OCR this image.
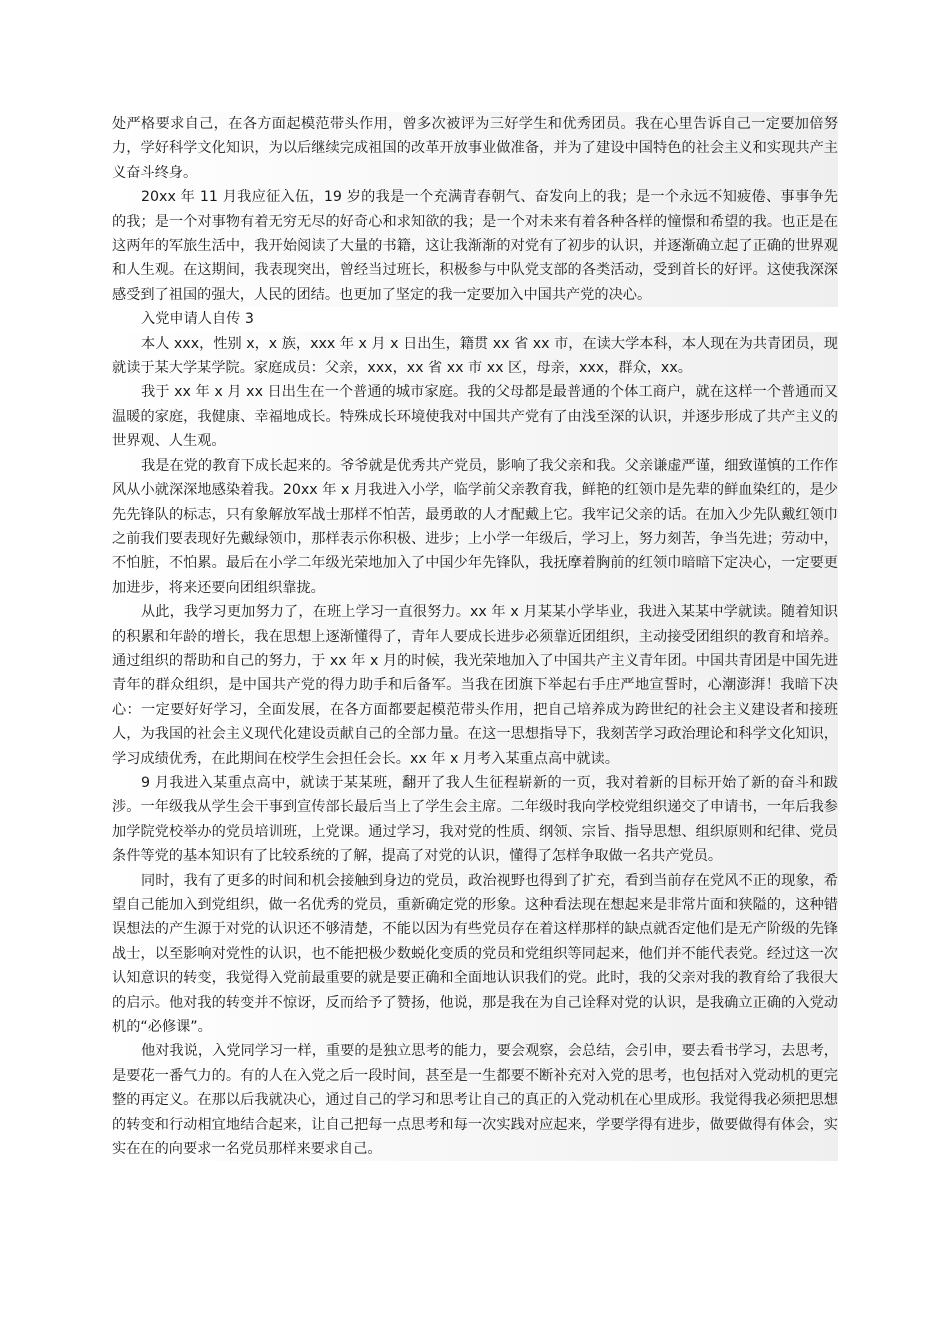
处严格要求自己，在各方面起模范带头作用，曾多次被评为三好学生和优秀团员。我在心里告诉自己一定要加倍努力，学好科学文化知识，为以后继续完成祖国的改革开放事业做准备，并为了建设中国特色的社会主义和实现共产主义奋斗终身。

20xx 年 11 月我应征入伍，19 岁的我是一个充满青春朝气、奋发向上的我；是一个永远不知疲倦、事事争先的我；是一个对事物有着无穷无尽的好奇心和求知欲的我；是一个对未来有着各种各样的憧憬和希望的我。也正是在这两年的军旅生活中，我开始阅读了大量的书籍，这让我渐渐的对党有了初步的认识，并逐渐确立起了正确的世界观和人生观。在这期间，我表现突出，曾经当过班长，积极参与中队党支部的各类活动，受到首长的好评。这使我深深感受到了祖国的强大，人民的团结。也更加了坚定的我一定要加入中国共产党的决心。

入党申请人自传 3

本人 xxx，性别 x，x 族，xxx 年 x 月 x 日出生，籍贯 xx 省 xx 市，在读大学本科，本人现在为共青团员，现就读于某大学某学院。家庭成员：父亲，xxx，xx 省 xx 市 xx 区，母亲，xxx，群众，xx。

我于 xx 年 x 月 xx 日出生在一个普通的城市家庭。我的父母都是最普通的个体工商户，就在这样一个普通而又温暖的家庭，我健康、幸福地成长。特殊成长环境使我对中国共产党有了由浅至深的认识，并逐步形成了共产主义的世界观、人生观。

我是在党的教育下成长起来的。爷爷就是优秀共产党员，影响了我父亲和我。父亲谦虚严谨，细致谨慎的工作作风从小就深深地感染着我。20xx 年 x 月我进入小学，临学前父亲教育我，鲜艳的红领巾是先辈的鲜血染红的，是少先先锋队的标志，只有象解放军战士那样不怕苦，最勇敢的人才配戴上它。我牢记父亲的话。在加入少先队戴红领巾之前我们要表现好先戴绿领巾，那样表示你积极、进步；上小学一年级后，学习上，努力刻苦，争当先进；劳动中，不怕脏，不怕累。最后在小学二年级光荣地加入了中国少年先锋队，我抚摩着胸前的红领巾暗暗下定决心，一定要更加进步，将来还要向团组织靠拢。

从此，我学习更加努力了，在班上学习一直很努力。xx 年 x 月某某小学毕业，我进入某某中学就读。随着知识的积累和年龄的增长，我在思想上逐渐懂得了，青年人要成长进步必须靠近团组织，主动接受团组织的教育和培养。通过组织的帮助和自己的努力，于 xx 年 x 月的时候，我光荣地加入了中国共产主义青年团。中国共青团是中国先进青年的群众组织，是中国共产党的得力助手和后备军。当我在团旗下举起右手庄严地宣誓时，心潮澎湃！我暗下决心：一定要好好学习，全面发展，在各方面都要起模范带头作用，把自己培养成为跨世纪的社会主义建设者和接班人，为我国的社会主义现代化建设贡献自己的全部力量。在这一思想指导下，我刻苦学习政治理论和科学文化知识，学习成绩优秀，在此期间在校学生会担任会长。xx 年 x 月考入某重点高中就读。

9 月我进入某重点高中，就读于某某班，翻开了我人生征程崭新的一页，我对着新的目标开始了新的奋斗和跋涉。一年级我从学生会干事到宣传部长最后当上了学生会主席。二年级时我向学校党组织递交了申请书，一年后我参加学院党校举办的党员培训班，上党课。通过学习，我对党的性质、纲领、宗旨、指导思想、组织原则和纪律、党员条件等党的基本知识有了比较系统的了解，提高了对党的认识，懂得了怎样争取做一名共产党员。

同时，我有了更多的时间和机会接触到身边的党员，政治视野也得到了扩充，看到当前存在党风不正的现象，希望自己能加入到党组织，做一名优秀的党员，重新确定党的形象。这种看法现在想起来是非常片面和狭隘的，这种错误想法的产生源于对党的认识还不够清楚，不能以因为有些党员存在着这样那样的缺点就否定他们是无产阶级的先锋战士，以至影响对党性的认识，也不能把极少数蜕化变质的党员和党组织等同起来，他们并不能代表党。经过这一次认知意识的转变，我觉得入党前最重要的就是要正确和全面地认识我们的党。此时，我的父亲对我的教育给了我很大的启示。他对我的转变并不惊讶，反而给予了赞扬，他说，那是我在为自己诠释对党的认识，是我确立正确的入党动机的“必修课”。

他对我说，入党同学习一样，重要的是独立思考的能力，要会观察，会总结，会引申，要去看书学习，去思考，是要花一番气力的。有的人在入党之后一段时间，甚至是一生都要不断补充对入党的思考，也包括对入党动机的更完整的再定义。在那以后我就决心，通过自己的学习和思考让自己的真正的入党动机在心里成形。我觉得我必须把思想的转变和行动相宜地结合起来，让自己把每一点思考和每一次实践对应起来，学要学得有进步，做要做得有体会，实实在在的向要求一名党员那样来要求自己。
